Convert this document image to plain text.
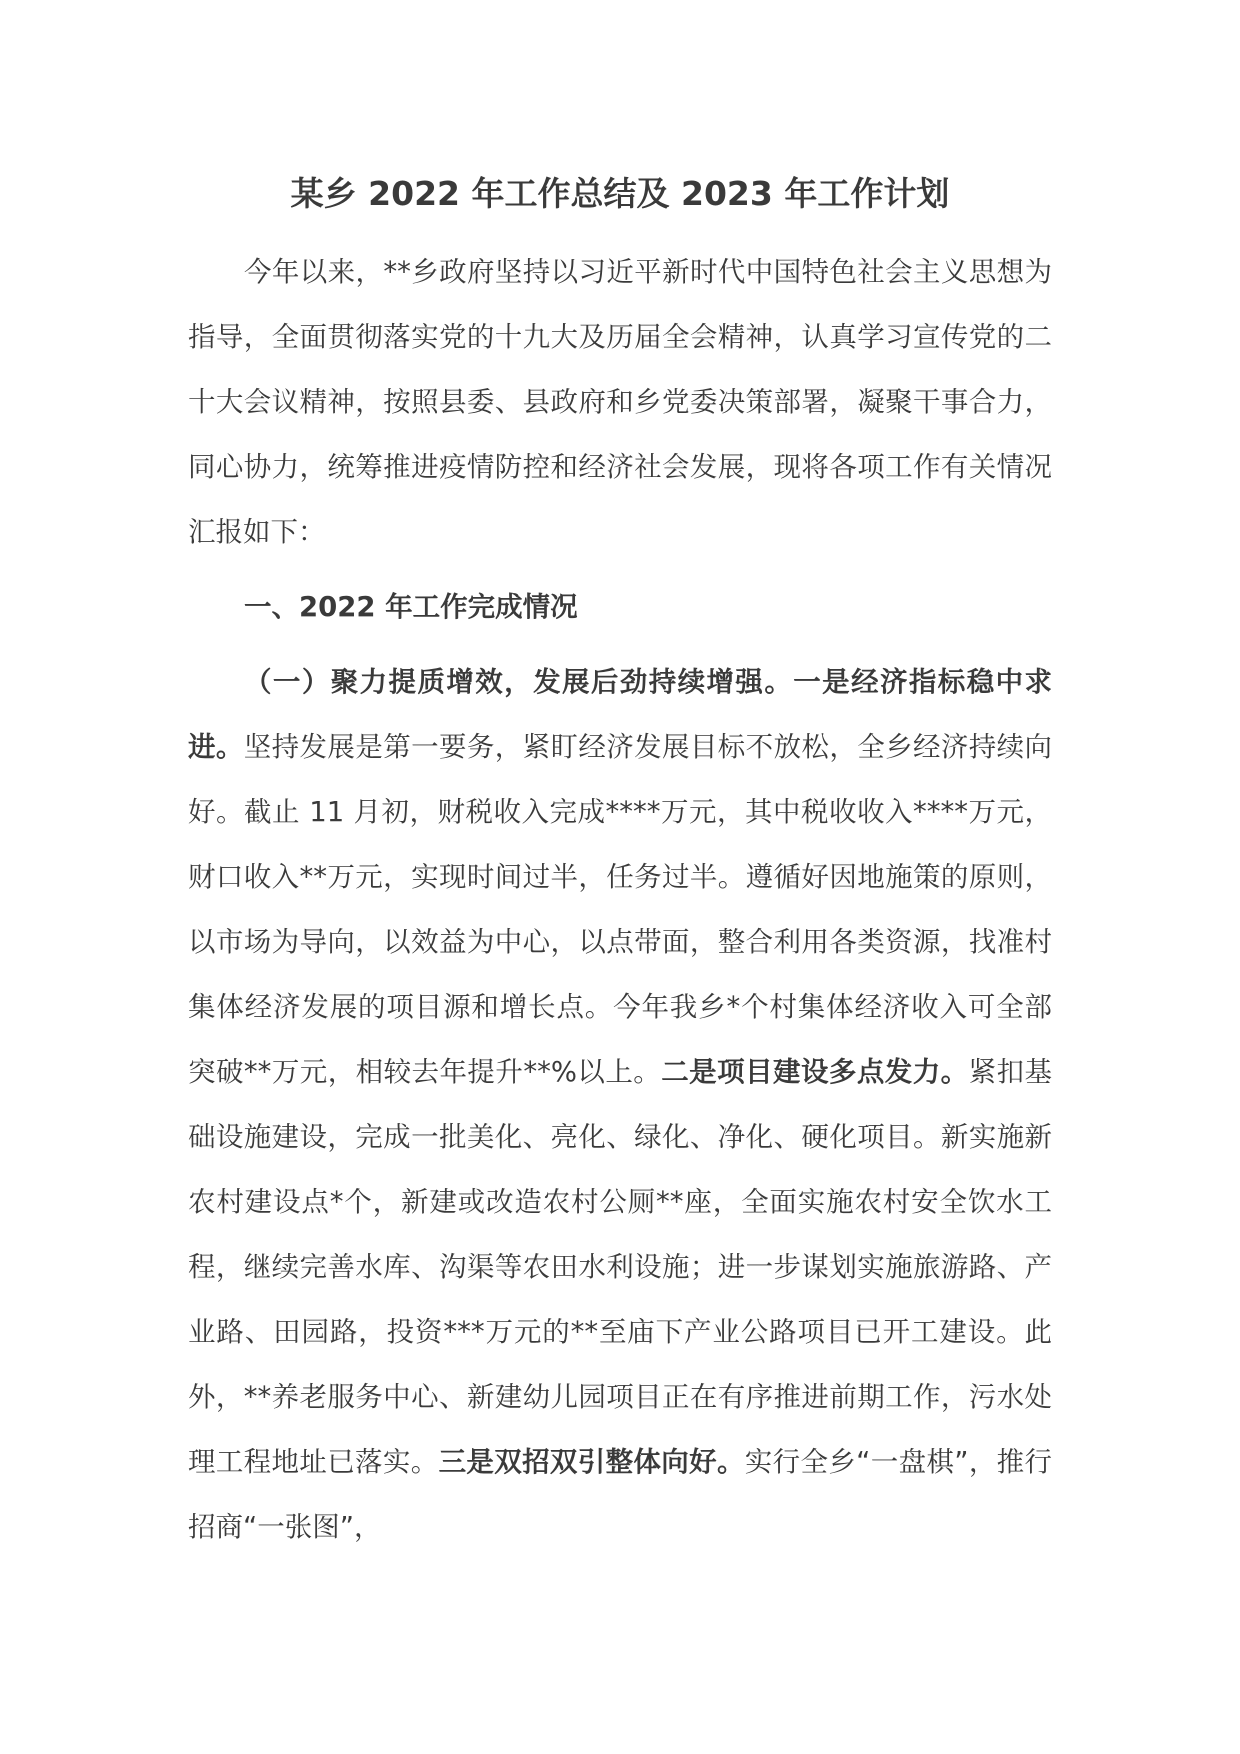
某乡 2022 年工作总结及 2023 年工作计划

今年以来，**乡政府坚持以习近平新时代中国特色社会主义思想为指导，全面贯彻落实党的十九大及历届全会精神，认真学习宣传党的二十大会议精神，按照县委、县政府和乡党委决策部署，凝聚干事合力，同心协力，统筹推进疫情防控和经济社会发展，现将各项工作有关情况汇报如下：

一、2022 年工作完成情况

（一）聚力提质增效，发展后劲持续增强。一是经济指标稳中求进。坚持发展是第一要务，紧盯经济发展目标不放松，全乡经济持续向好。截止 11 月初，财税收入完成****万元，其中税收收入****万元，财口收入**万元，实现时间过半，任务过半。遵循好因地施策的原则，以市场为导向，以效益为中心，以点带面，整合利用各类资源，找准村集体经济发展的项目源和增长点。今年我乡*个村集体经济收入可全部突破**万元，相较去年提升**%以上。二是项目建设多点发力。紧扣基础设施建设，完成一批美化、亮化、绿化、净化、硬化项目。新实施新农村建设点*个，新建或改造农村公厕**座，全面实施农村安全饮水工程，继续完善水库、沟渠等农田水利设施；进一步谋划实施旅游路、产业路、田园路，投资***万元的**至庙下产业公路项目已开工建设。此外，**养老服务中心、新建幼儿园项目正在有序推进前期工作，污水处理工程地址已落实。三是双招双引整体向好。实行全乡“一盘棋”，推行招商“一张图”，
